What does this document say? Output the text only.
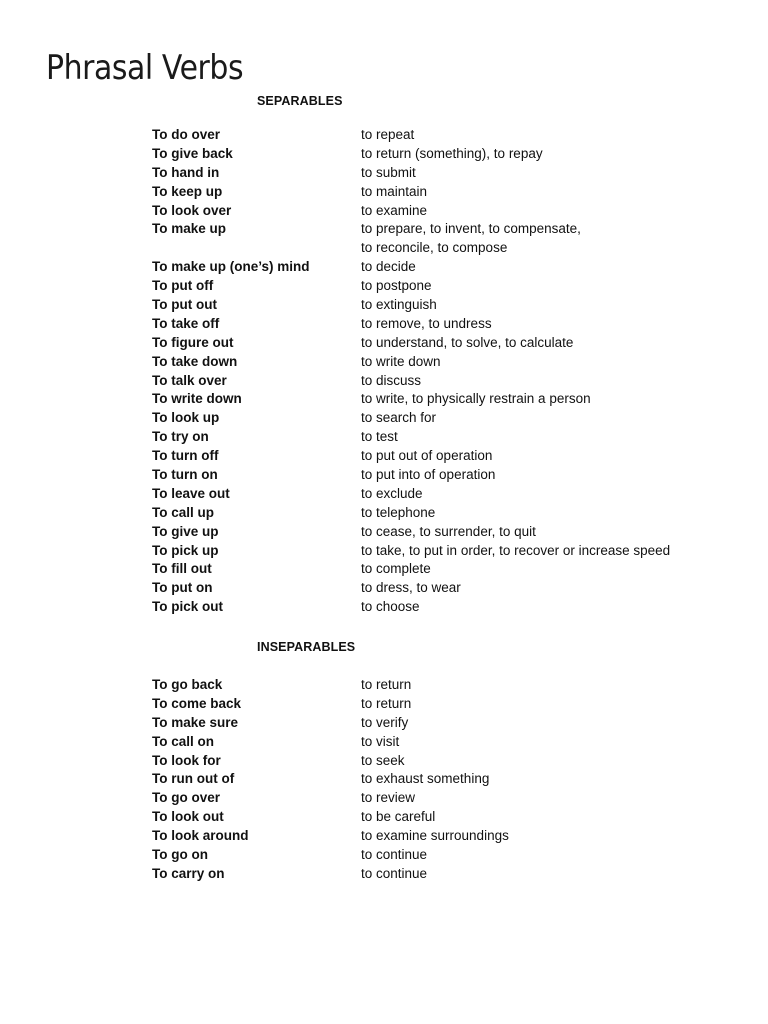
Phrasal Verbs
SEPARABLES
To do over	to repeat
To give back	to return (something), to repay
To hand in	to submit
To keep up	to maintain
To look over	to examine
To make up	to prepare, to invent, to compensate,
to reconcile, to compose
To make up (one’s) mind	to decide
To put off	to postpone
To put out	to extinguish
To take off	to remove, to undress
To figure out	to understand, to solve, to calculate
To take down	to write down
To talk over	to discuss
To write down	to write, to physically restrain a person
To look up	to search for
To try on	to test
To turn off	to put out of operation
To turn on	to put into of operation
To leave out	to exclude
To call up	to telephone
To give up	to cease, to surrender, to quit
To pick up	to take, to put in order, to recover or increase speed
To fill out	to complete
To put on	to dress, to wear
To pick out	to choose
INSEPARABLES
To go back	to return
To come back	to return
To make sure	to verify
To call on	to visit
To look for	to seek
To run out of	to exhaust something
To go over	to review
To look out	to be careful
To look around	to examine surroundings
To go on	to continue
To carry on	to continue
